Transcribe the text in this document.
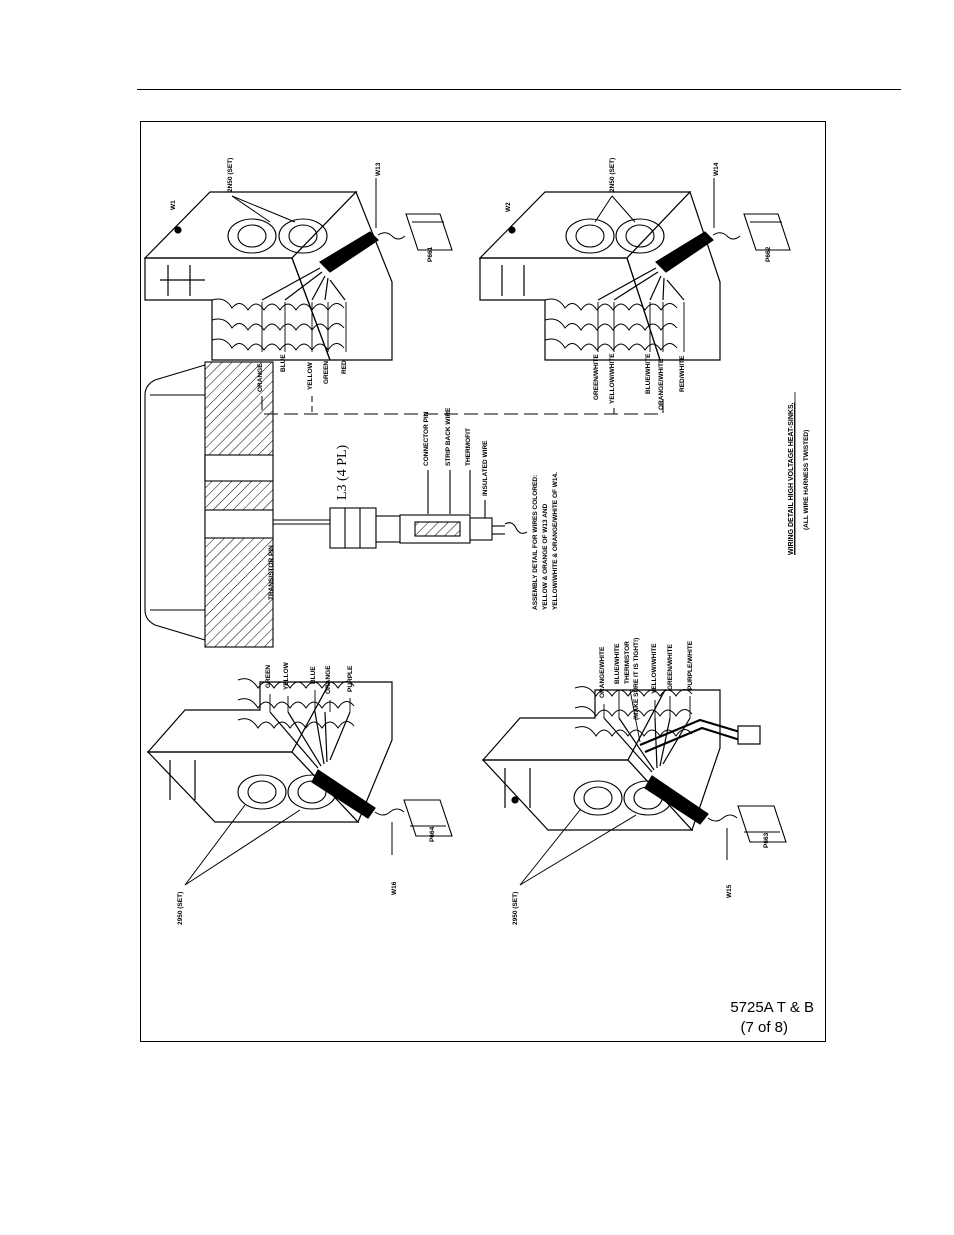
P661
W1
2N50 (SET)	W13
BLUE	YELLOW GREEN RED
P662
W2
2N50 (SET)	W14
GREEN/WHITE YELLOW/WHITE	BLUE/WHITE ORANGE/WHITE RED/WHITE
TRANSISTOR PIN
L3 (4 PL)
CONNECTOR PIN STRIP BACK WIRE THERMOFIT INSULATED WIRE
ASSEMBLY DETAIL FOR WIRES COLORED: YELLOW & ORANGE OF W13 AND YELLOW/WHITE & ORANGE/WHITE OF W14.
P664
2950 (SET)
W16
GREEN YELLOW	BLUE ORANGE PURPLE
P663
2950 (SET)
W15
ORANGE/WHITE BLUE/WHITE THERMISTOR (MAKE SURE IT IS TIGHT!) YELLOW/WHITE GREEN/WHITE PURPLE/WHITE
WIRING DETAIL HIGH VOLTAGE HEAT-SINKS. (ALL WIRE HARNESS TWISTED)
5725A T & B
(7 of 8)
